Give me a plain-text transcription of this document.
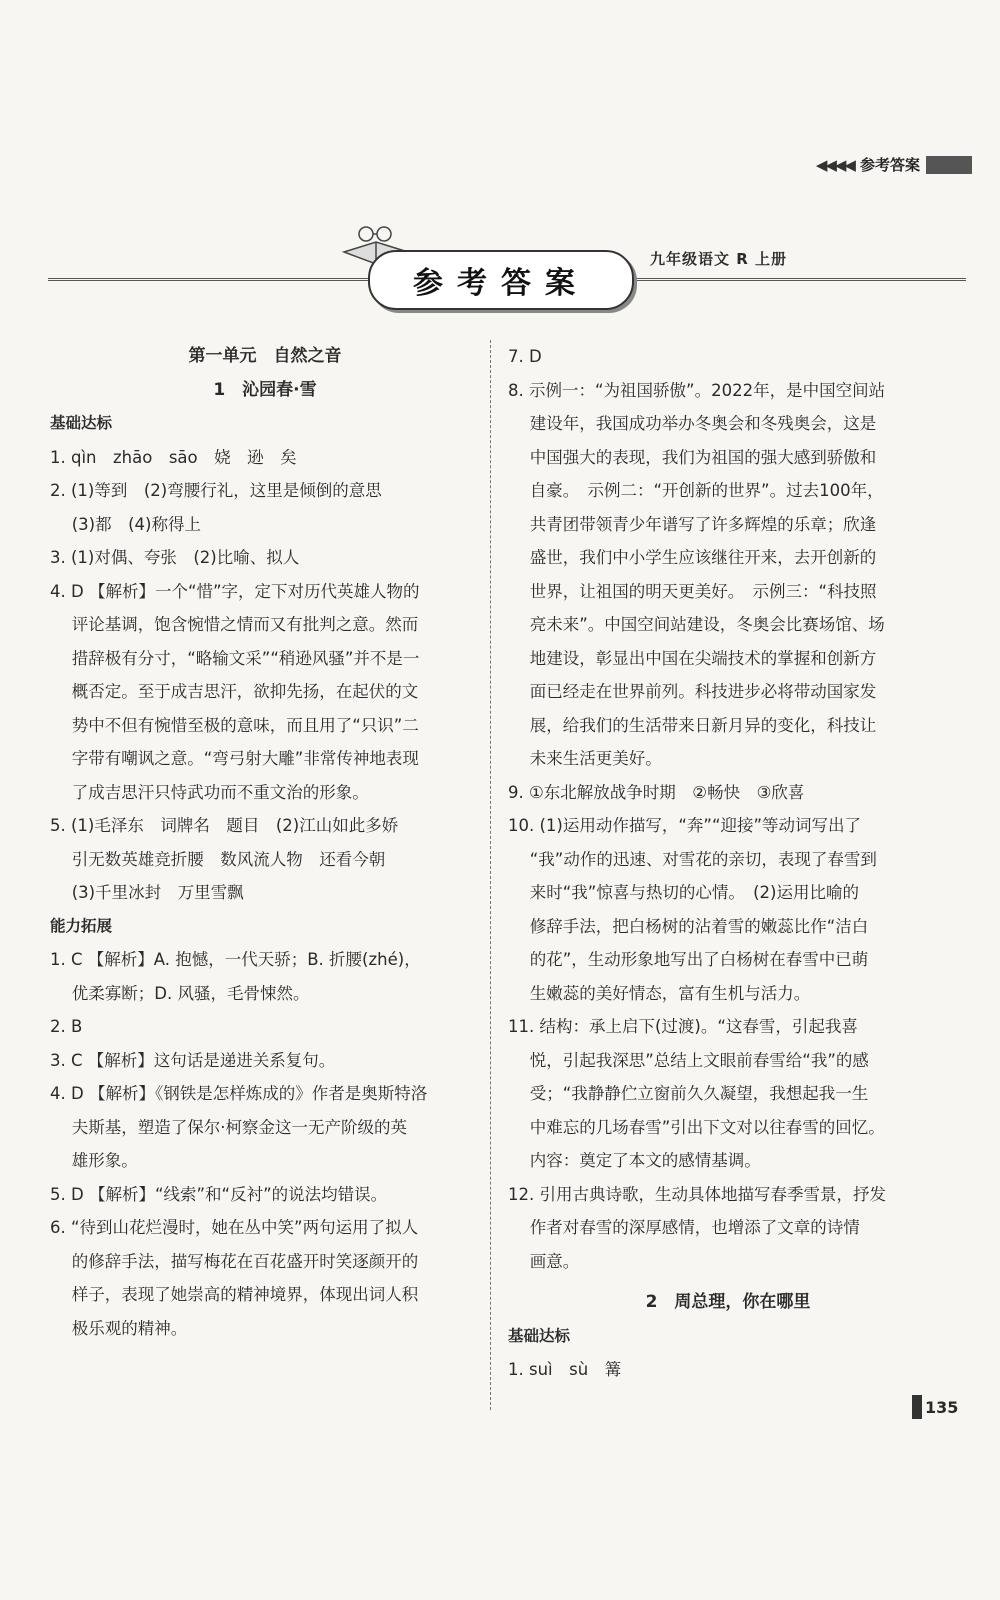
◀◀◀◀ 参考答案
参考答案
九年级语文 R 上册

第一单元　自然之音

1　沁园春·雪

基础达标

1. qìn　zhāo　sāo　娆　逊　矣

2. (1)等到　(2)弯腰行礼，这里是倾倒的意思

　 (3)都　(4)称得上

3. (1)对偶、夸张　(2)比喻、拟人

4. D 【解析】一个“惜”字，定下对历代英雄人物的

　 评论基调，饱含惋惜之情而又有批判之意。然而

　 措辞极有分寸，“略输文采”“稍逊风骚”并不是一

　 概否定。至于成吉思汗，欲抑先扬，在起伏的文

　 势中不但有惋惜至极的意味，而且用了“只识”二

　 字带有嘲讽之意。“弯弓射大雕”非常传神地表现

　 了成吉思汗只恃武功而不重文治的形象。

5. (1)毛泽东　词牌名　题目　(2)江山如此多娇

　 引无数英雄竞折腰　数风流人物　还看今朝

　 (3)千里冰封　万里雪飘

能力拓展

1. C 【解析】A. 抱憾，一代天骄；B. 折腰(zhé)，

　 优柔寡断；D. 风骚，毛骨悚然。

2. B

3. C 【解析】这句话是递进关系复句。

4. D 【解析】《钢铁是怎样炼成的》作者是奥斯特洛

　 夫斯基，塑造了保尔·柯察金这一无产阶级的英

　 雄形象。

5. D 【解析】“线索”和“反衬”的说法均错误。

6. “待到山花烂漫时，她在丛中笑”两句运用了拟人

　 的修辞手法，描写梅花在百花盛开时笑逐颜开的

　 样子，表现了她崇高的精神境界，体现出词人积

　 极乐观的精神。

7. D

8. 示例一：“为祖国骄傲”。2022年，是中国空间站

　 建设年，我国成功举办冬奥会和冬残奥会，这是

　 中国强大的表现，我们为祖国的强大感到骄傲和

　 自豪。　示例二：“开创新的世界”。过去100年，

　 共青团带领青少年谱写了许多辉煌的乐章；欣逢

　 盛世，我们中小学生应该继往开来，去开创新的

　 世界，让祖国的明天更美好。　示例三：“科技照

　 亮未来”。中国空间站建设，冬奥会比赛场馆、场

　 地建设，彰显出中国在尖端技术的掌握和创新方

　 面已经走在世界前列。科技进步必将带动国家发

　 展，给我们的生活带来日新月异的变化，科技让

　 未来生活更美好。

9. ①东北解放战争时期　②畅快　③欣喜

10. (1)运用动作描写，“奔”“迎接”等动词写出了

　 “我”动作的迅速、对雪花的亲切，表现了春雪到

　 来时“我”惊喜与热切的心情。　(2)运用比喻的

　 修辞手法，把白杨树的沾着雪的嫩蕊比作“洁白

　 的花”，生动形象地写出了白杨树在春雪中已萌

　 生嫩蕊的美好情态，富有生机与活力。

11. 结构：承上启下(过渡)。“这春雪，引起我喜

　 悦，引起我深思”总结上文眼前春雪给“我”的感

　 受；“我静静伫立窗前久久凝望，我想起我一生

　 中难忘的几场春雪”引出下文对以往春雪的回忆。

　 内容：奠定了本文的感情基调。

12. 引用古典诗歌，生动具体地描写春季雪景，抒发

　 作者对春雪的深厚感情，也增添了文章的诗情

　 画意。

2　周总理，你在哪里

基础达标

1. suì　sù　篝

135
